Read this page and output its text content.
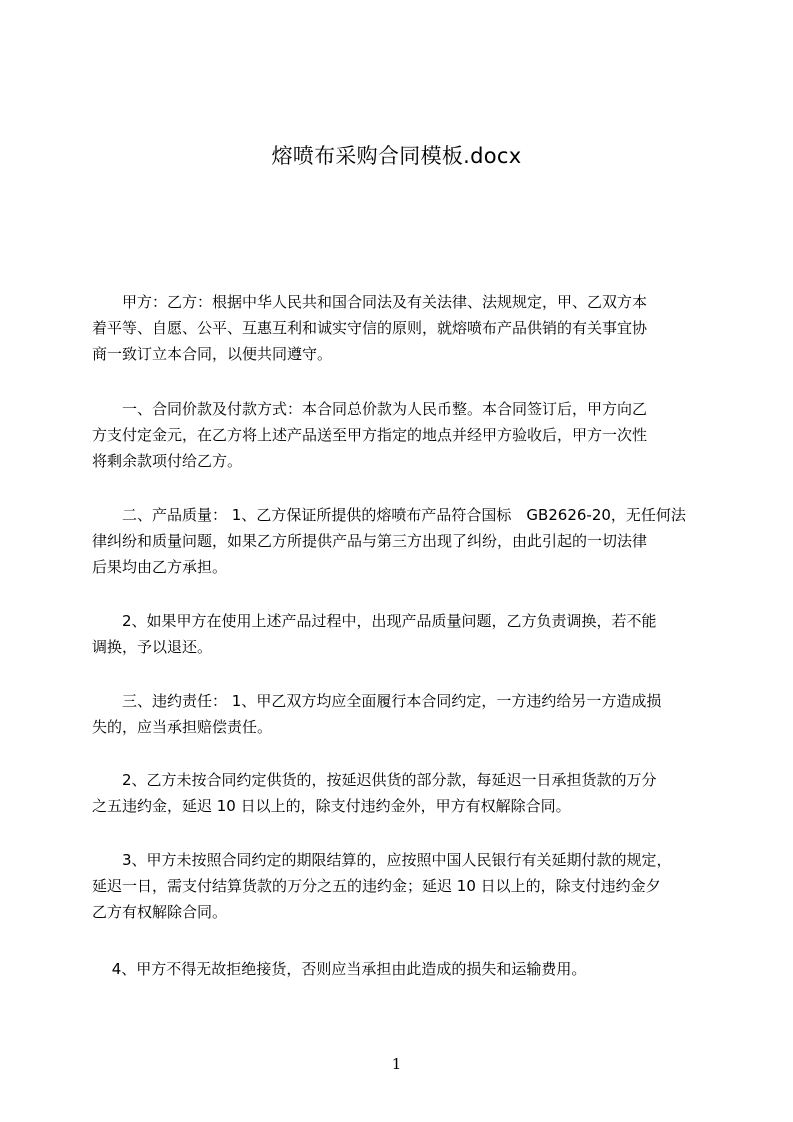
熔喷布采购合同模板.docx
　　甲方：乙方：根据中华人民共和国合同法及有关法律、法规规定，甲、乙双方本
着平等、自愿、公平、互惠互利和诚实守信的原则，就熔喷布产品供销的有关事宜协
商一致订立本合同，以便共同遵守。
　　一、合同价款及付款方式：本合同总价款为人民币整。本合同签订后，甲方向乙
方支付定金元，在乙方将上述产品送至甲方指定的地点并经甲方验收后，甲方一次性
将剩余款项付给乙方。
　　二、产品质量： 1、乙方保证所提供的熔喷布产品符合国标　GB2626-20，无任何法
律纠纷和质量问题，如果乙方所提供产品与第三方出现了纠纷，由此引起的一切法律
后果均由乙方承担。
　　2、如果甲方在使用上述产品过程中，出现产品质量问题，乙方负责调换，若不能
调换，予以退还。
　　三、违约责任： 1、甲乙双方均应全面履行本合同约定，一方违约给另一方造成损
失的，应当承担赔偿责任。
　　2、乙方未按合同约定供货的，按延迟供货的部分款，每延迟一日承担货款的万分
之五违约金，延迟 10 日以上的，除支付违约金外，甲方有权解除合同。
　　3、甲方未按照合同约定的期限结算的，应按照中国人民银行有关延期付款的规定，
延迟一日，需支付结算货款的万分之五的违约金；延迟 10 日以上的，除支付违约金夕
乙方有权解除合同。
　 4、甲方不得无故拒绝接货，否则应当承担由此造成的损失和运输费用。
1
